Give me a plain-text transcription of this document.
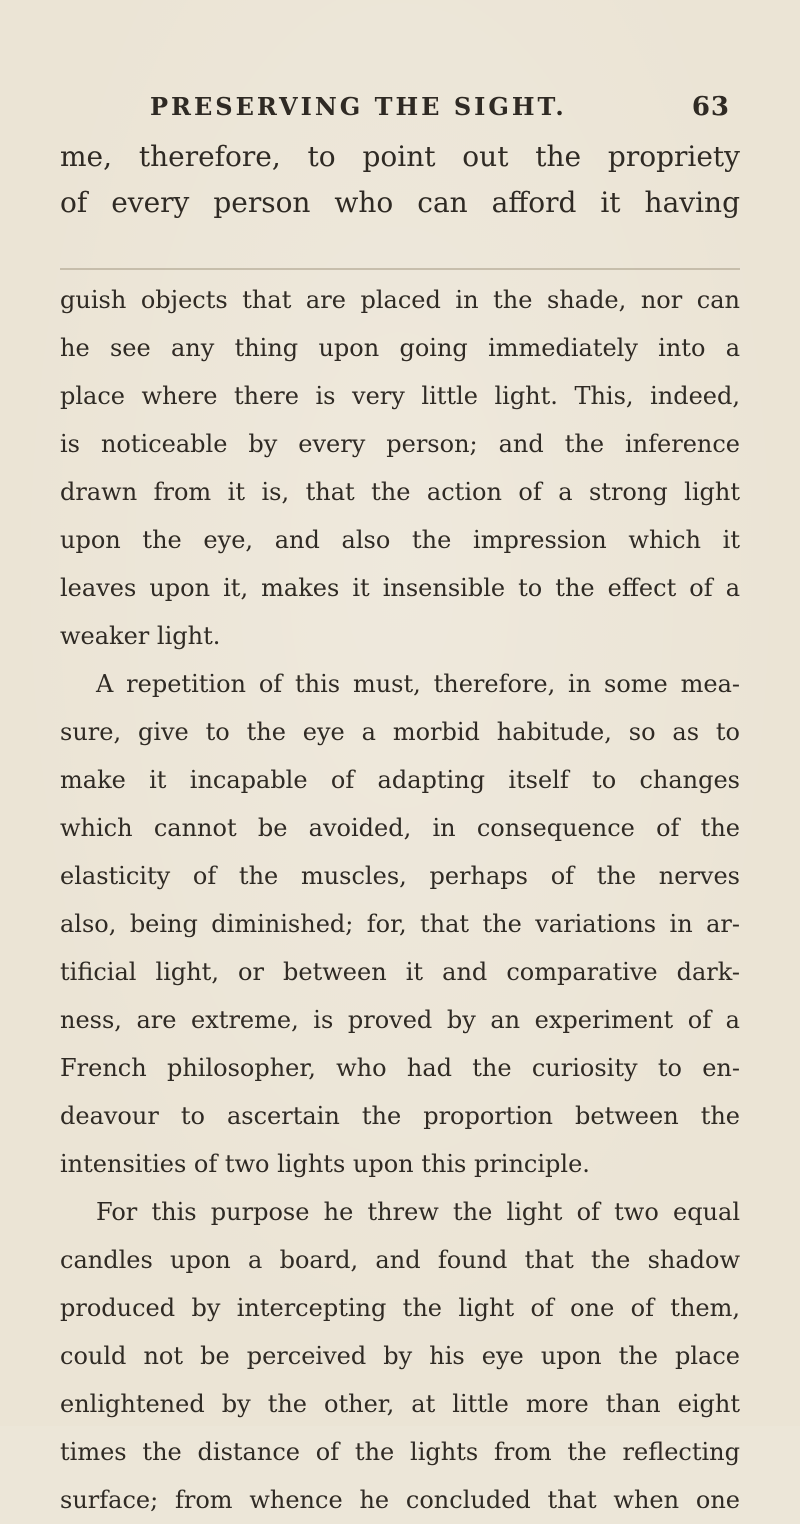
PRESERVING THE SIGHT.	63
me, therefore, to point out the propriety
of every person who can afford it having
guish objects that are placed in the shade, nor can
he see any thing upon going immediately into a
place where there is very little light. This, indeed,
is noticeable by every person; and the inference
drawn from it is, that the action of a strong light
upon the eye, and also the impression which it
leaves upon it, makes it insensible to the effect of a
weaker light.
A repetition of this must, therefore, in some mea-
sure, give to the eye a morbid habitude, so as to
make it incapable of adapting itself to changes
which cannot be avoided, in consequence of the
elasticity of the muscles, perhaps of the nerves
also, being diminished; for, that the variations in ar-
tificial light, or between it and comparative dark-
ness, are extreme, is proved by an experiment of a
French philosopher, who had the curiosity to en-
deavour to ascertain the proportion between the
intensities of two lights upon this principle.
For this purpose he threw the light of two equal
candles upon a board, and found that the shadow
produced by intercepting the light of one of them,
could not be perceived by his eye upon the place
enlightened by the other, at little more than eight
times the distance of the lights from the reflecting
surface; from whence he concluded that when one
